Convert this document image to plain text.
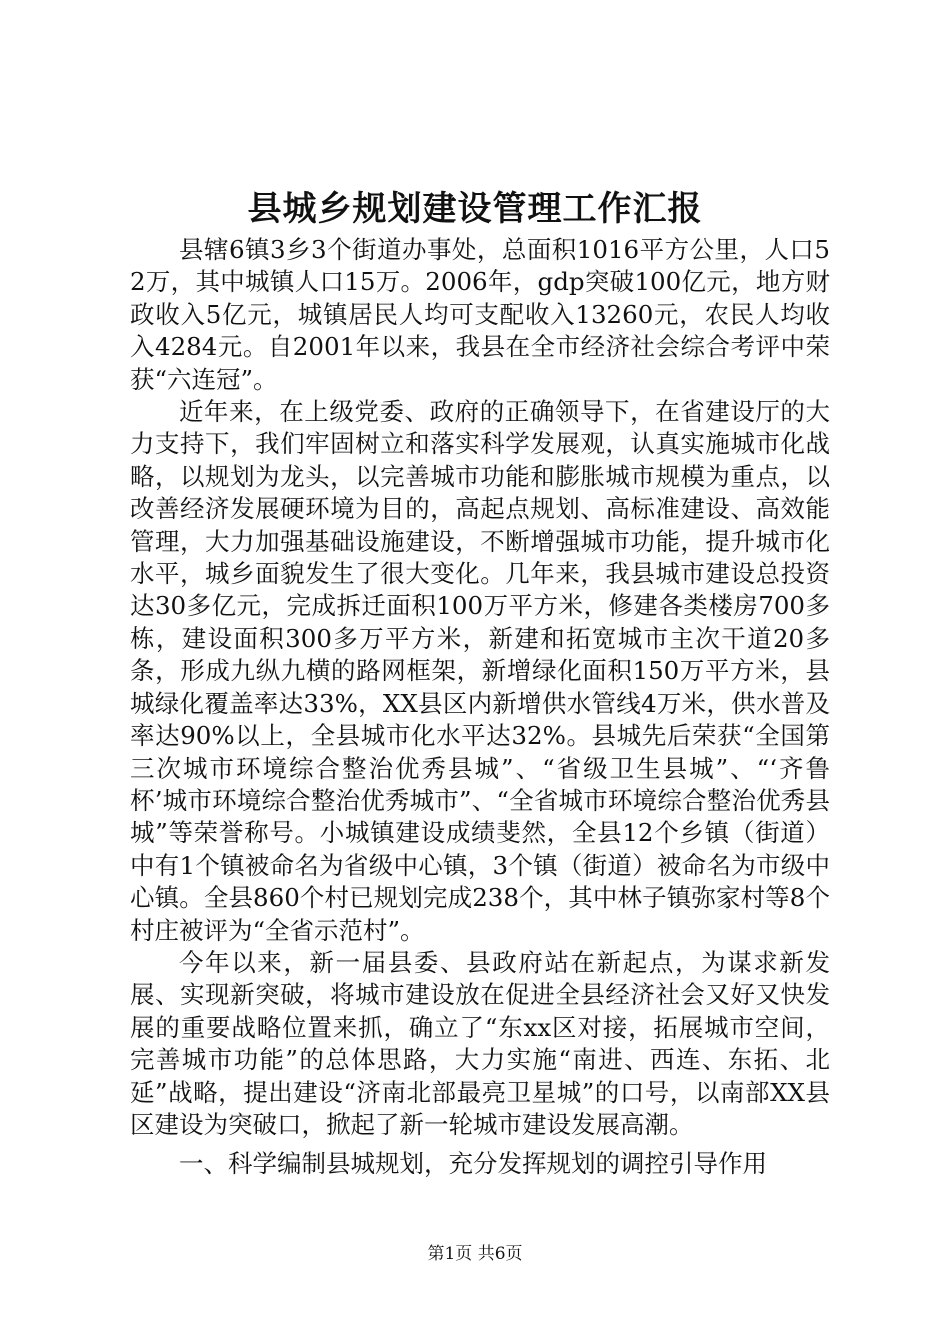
县城乡规划建设管理工作汇报

县辖6镇3乡3个街道办事处，总面积1016平方公里，人口52万，其中城镇人口15万。2006年，gdp突破100亿元，地方财政收入5亿元，城镇居民人均可支配收入13260元，农民人均收入4284元。自2001年以来，我县在全市经济社会综合考评中荣获“六连冠”。

近年来，在上级党委、政府的正确领导下，在省建设厅的大力支持下，我们牢固树立和落实科学发展观，认真实施城市化战略，以规划为龙头，以完善城市功能和膨胀城市规模为重点，以改善经济发展硬环境为目的，高起点规划、高标准建设、高效能管理，大力加强基础设施建设，不断增强城市功能，提升城市化水平，城乡面貌发生了很大变化。几年来，我县城市建设总投资达30多亿元，完成拆迁面积100万平方米，修建各类楼房700多栋，建设面积300多万平方米，新建和拓宽城市主次干道20多条，形成九纵九横的路网框架，新增绿化面积150万平方米，县城绿化覆盖率达33%，XX县区内新增供水管线4万米，供水普及率达90%以上，全县城市化水平达32%。县城先后荣获“全国第三次城市环境综合整治优秀县城”、“省级卫生县城”、“‘齐鲁杯’城市环境综合整治优秀城市”、“全省城市环境综合整治优秀县城”等荣誉称号。小城镇建设成绩斐然，全县12个乡镇（街道）中有1个镇被命名为省级中心镇，3个镇（街道）被命名为市级中心镇。全县860个村已规划完成238个，其中林子镇弥家村等8个村庄被评为“全省示范村”。

今年以来，新一届县委、县政府站在新起点，为谋求新发展、实现新突破，将城市建设放在促进全县经济社会又好又快发展的重要战略位置来抓，确立了“东xx区对接，拓展城市空间，完善城市功能”的总体思路，大力实施“南进、西连、东拓、北延”战略，提出建设“济南北部最亮卫星城”的口号，以南部XX县区建设为突破口，掀起了新一轮城市建设发展高潮。

一、科学编制县城规划，充分发挥规划的调控引导作用

第1页 共6页
